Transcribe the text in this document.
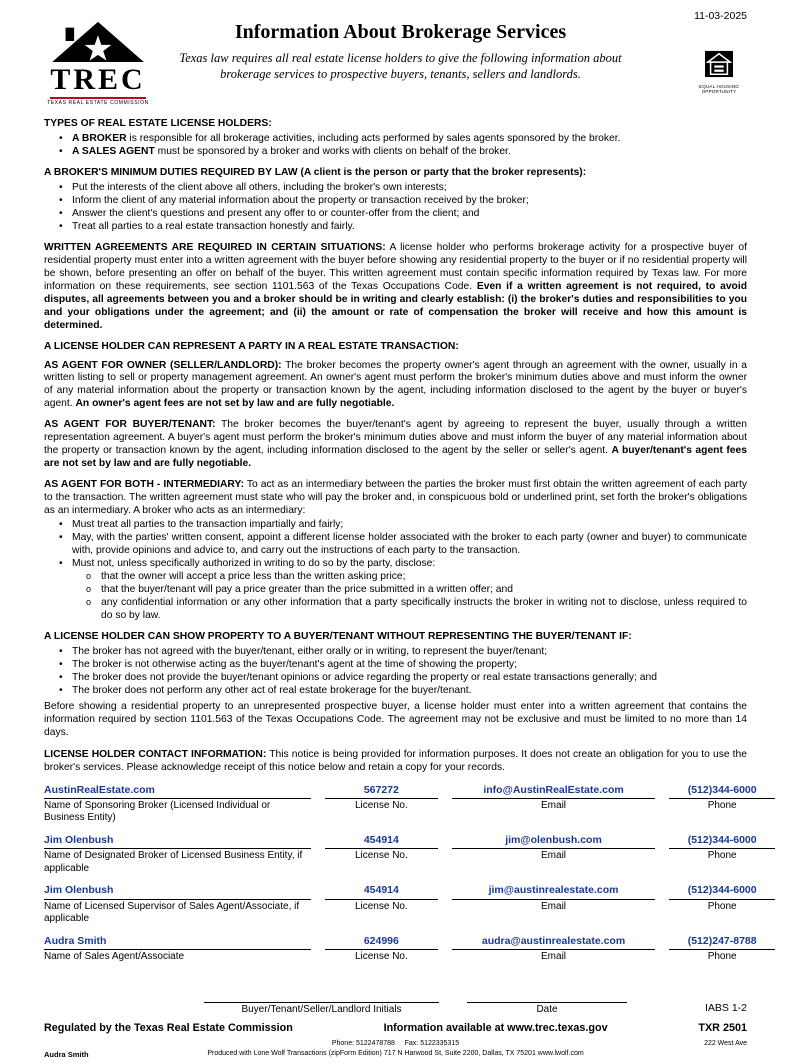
11-03-2025
TREC
TEXAS REAL ESTATE COMMISSION
Information About Brokerage Services

Texas law requires all real estate license holders to give the following information about brokerage services to prospective buyers, tenants, sellers and landlords.

EQUAL HOUSING OPPORTUNITY
TYPES OF REAL ESTATE LICENSE HOLDERS:
• A BROKER is responsible for all brokerage activities, including acts performed by sales agents sponsored by the broker.
• A SALES AGENT must be sponsored by a broker and works with clients on behalf of the broker.
A BROKER'S MINIMUM DUTIES REQUIRED BY LAW (A client is the person or party that the broker represents):
• Put the interests of the client above all others, including the broker's own interests;
• Inform the client of any material information about the property or transaction received by the broker;
• Answer the client's questions and present any offer to or counter-offer from the client; and
• Treat all parties to a real estate transaction honestly and fairly.

WRITTEN AGREEMENTS ARE REQUIRED IN CERTAIN SITUATIONS: A license holder who performs brokerage activity for a prospective buyer of residential property must enter into a written agreement with the buyer before showing any residential property to the buyer or if no residential property will be shown, before presenting an offer on behalf of the buyer. This written agreement must contain specific information required by Texas law. For more information on these requirements, see section 1101.563 of the Texas Occupations Code. Even if a written agreement is not required, to avoid disputes, all agreements between you and a broker should be in writing and clearly establish: (i) the broker's duties and responsibilities to you and your obligations under the agreement; and (ii) the amount or rate of compensation the broker will receive and how this amount is determined.

A LICENSE HOLDER CAN REPRESENT A PARTY IN A REAL ESTATE TRANSACTION:

AS AGENT FOR OWNER (SELLER/LANDLORD): The broker becomes the property owner's agent through an agreement with the owner, usually in a written listing to sell or property management agreement. An owner's agent must perform the broker's minimum duties above and must inform the owner of any material information about the property or transaction known by the agent, including information disclosed to the agent by the buyer or buyer's agent. An owner's agent fees are not set by law and are fully negotiable.

AS AGENT FOR BUYER/TENANT: The broker becomes the buyer/tenant's agent by agreeing to represent the buyer, usually through a written representation agreement. A buyer's agent must perform the broker's minimum duties above and must inform the buyer of any material information about the property or transaction known by the agent, including information disclosed to the agent by the seller or seller's agent. A buyer/tenant's agent fees are not set by law and are fully negotiable.

AS AGENT FOR BOTH - INTERMEDIARY: To act as an intermediary between the parties the broker must first obtain the written agreement of each party to the transaction. The written agreement must state who will pay the broker and, in conspicuous bold or underlined print, set forth the broker's obligations as an intermediary. A broker who acts as an intermediary:

• Must treat all parties to the transaction impartially and fairly;
• May, with the parties' written consent, appoint a different license holder associated with the broker to each party (owner and buyer) to communicate with, provide opinions and advice to, and carry out the instructions of each party to the transaction.
• Must not, unless specifically authorized in writing to do so by the party, disclose:
o that the owner will accept a price less than the written asking price;
o that the buyer/tenant will pay a price greater than the price submitted in a written offer; and
o any confidential information or any other information that a party specifically instructs the broker in writing not to disclose, unless required to do so by law.
A LICENSE HOLDER CAN SHOW PROPERTY TO A BUYER/TENANT WITHOUT REPRESENTING THE BUYER/TENANT IF:
• The broker has not agreed with the buyer/tenant, either orally or in writing, to represent the buyer/tenant;
• The broker is not otherwise acting as the buyer/tenant's agent at the time of showing the property;
• The broker does not provide the buyer/tenant opinions or advice regarding the property or real estate transactions generally; and
• The broker does not perform any other act of real estate brokerage for the buyer/tenant.

Before showing a residential property to an unrepresented prospective buyer, a license holder must enter into a written agreement that contains the information required by section 1101.563 of the Texas Occupations Code. The agreement may not be exclusive and must be limited to no more than 14 days.

LICENSE HOLDER CONTACT INFORMATION: This notice is being provided for information purposes. It does not create an obligation for you to use the broker's services. Please acknowledge receipt of this notice below and retain a copy for your records.

AustinRealEstate.com
Name of Sponsoring Broker (Licensed Individual or Business Entity)
567272
License No.
info@AustinRealEstate.com
Email
(512)344-6000
Phone
Jim Olenbush
Name of Designated Broker of Licensed Business Entity, if applicable
454914
License No.
jim@olenbush.com
Email
(512)344-6000
Phone
Jim Olenbush
Name of Licensed Supervisor of Sales Agent/Associate, if applicable
454914
License No.
jim@austinrealestate.com
Email
(512)344-6000
Phone
Audra Smith
Name of Sales Agent/Associate
624996
License No.
audra@austinrealestate.com
Email
(512)247-8788
Phone
Buyer/Tenant/Seller/Landlord Initials	Date	IABS 1-2
Regulated by the Texas Real Estate Commission	Information available at www.trec.texas.gov	TXR 2501
Phone: 5122478788 Fax: 5122335315	222 West Ave
Audra Smith	Produced with Lone Wolf Transactions (zipForm Edition) 717 N Harwood St, Suite 2200, Dallas, TX 75201 www.lwolf.com
